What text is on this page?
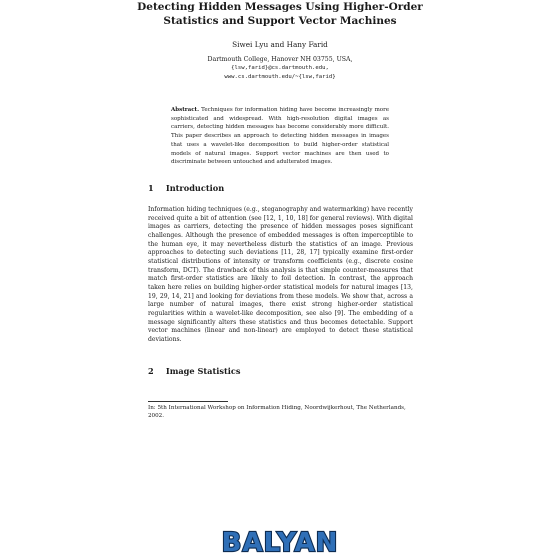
Detecting Hidden Messages Using Higher-Order
Statistics and Support Vector Machines
Siwei Lyu and Hany Farid
Dartmouth College, Hanover NH 03755, USA,
{lsw,farid}@cs.dartmouth.edu,
www.cs.dartmouth.edu/~{lsw,farid}
Abstract. Techniques for information hiding have become increasingly more sophisticated and widespread. With high-resolution digital images as carriers, detecting hidden messages has become considerably more difficult. This paper describes an approach to detecting hidden messages in images that uses a wavelet-like decomposition to build higher-order statistical models of natural images. Support vector machines are then used to discriminate between untouched and adulterated images.
1 Introduction
Information hiding techniques (e.g., steganography and watermarking) have recently received quite a bit of attention (see [12, 1, 10, 18] for general reviews). With digital images as carriers, detecting the presence of hidden messages poses significant challenges. Although the presence of embedded messages is often imperceptible to the human eye, it may nevertheless disturb the statistics of an image. Previous approaches to detecting such deviations [11, 28, 17] typically examine first-order statistical distributions of intensity or transform coefficients (e.g., discrete cosine transform, DCT). The drawback of this analysis is that simple counter-measures that match first-order statistics are likely to foil detection. In contrast, the approach taken here relies on building higher-order statistical models for natural images [13, 19, 29, 14, 21] and looking for deviations from these models. We show that, across a large number of natural images, there exist strong higher-order statistical regularities within a wavelet-like decomposition, see also [9]. The embedding of a message significantly alters these statistics and thus becomes detectable. Support vector machines (linear and non-linear) are employed to detect these statistical deviations.
2 Image Statistics
In: 5th International Workshop on Information Hiding, Noordwijkerhout, The Netherlands, 2002.
BALYAN
